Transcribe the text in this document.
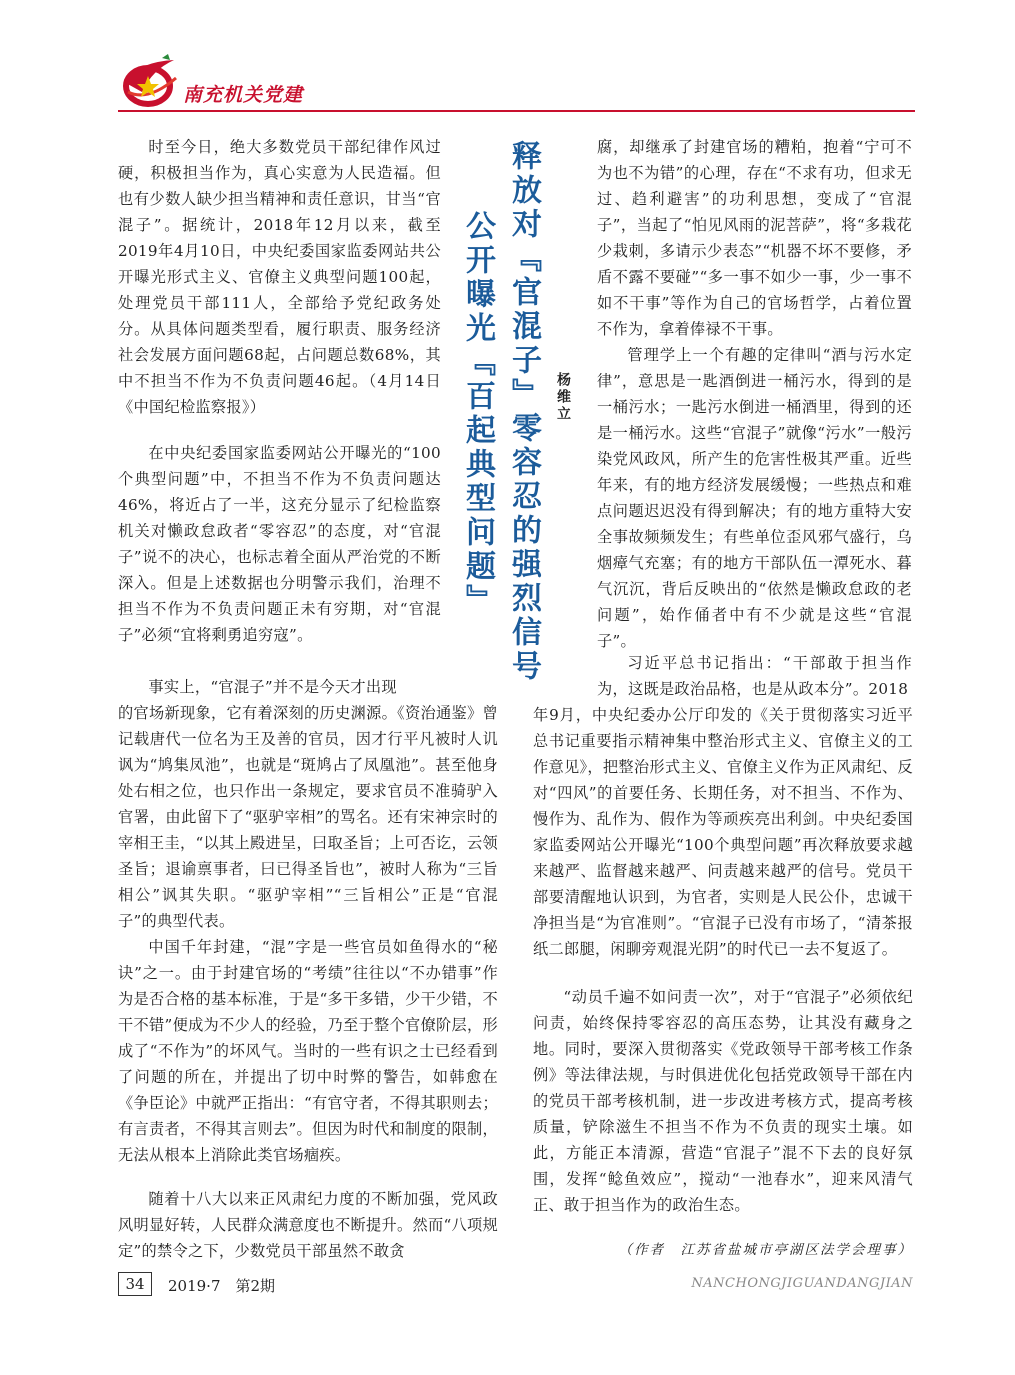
南充机关党建
释放对『官混子』零容忍的强烈信号
公开曝光『百起典型问题』	杨维立

时至今日，绝大多数党员干部纪律作风过硬，积极担当作为，真心实意为人民造福。但也有少数人缺少担当精神和责任意识，甘当“官混子”。据统计，2018年12月以来，截至2019年4月10日，中央纪委国家监委网站共公开曝光形式主义、官僚主义典型问题100起，处理党员干部111人，全部给予党纪政务处分。从具体问题类型看，履行职责、服务经济社会发展方面问题68起，占问题总数68%，其中不担当不作为不负责问题46起。（4月14日《中国纪检监察报》）

在中央纪委国家监委网站公开曝光的“100个典型问题”中，不担当不作为不负责问题达46%，将近占了一半，这充分显示了纪检监察机关对懒政怠政者“零容忍”的态度，对“官混子”说不的决心，也标志着全面从严治党的不断深入。但是上述数据也分明警示我们，治理不担当不作为不负责问题正未有穷期，对“官混子”必须“宜将剩勇追穷寇”。

事实上，“官混子”并不是今天才出现

的官场新现象，它有着深刻的历史渊源。《资治通鉴》曾记载唐代一位名为王及善的官员，因才行平凡被时人讥讽为“鸠集凤池”，也就是“斑鸠占了凤凰池”。甚至他身处右相之位，也只作出一条规定，要求官员不准骑驴入官署，由此留下了“驱驴宰相”的骂名。还有宋神宗时的宰相王圭，“以其上殿进呈，曰取圣旨；上可否讫，云领圣旨；退谕禀事者，曰已得圣旨也”，被时人称为“三旨相公”讽其失职。“驱驴宰相”“三旨相公”正是“官混子”的典型代表。

中国千年封建，“混”字是一些官员如鱼得水的“秘诀”之一。由于封建官场的“考绩”往往以“不办错事”作为是否合格的基本标准，于是“多干多错，少干少错，不干不错”便成为不少人的经验，乃至于整个官僚阶层，形成了“不作为”的坏风气。当时的一些有识之士已经看到了问题的所在，并提出了切中时弊的警告，如韩愈在《争臣论》中就严正指出：“有官守者，不得其职则去；有言责者，不得其言则去”。但因为时代和制度的限制，无法从根本上消除此类官场痼疾。

随着十八大以来正风肃纪力度的不断加强，党风政风明显好转，人民群众满意度也不断提升。然而“八项规定”的禁令之下，少数党员干部虽然不敢贪

腐，却继承了封建官场的糟粕，抱着“宁可不为也不为错”的心理，存在“不求有功，但求无过、趋利避害”的功利思想，变成了“官混子”，当起了“怕见风雨的泥菩萨”，将“多栽花少栽刺，多请示少表态”“机器不坏不要修，矛盾不露不要碰”“多一事不如少一事，少一事不如不干事”等作为自己的官场哲学，占着位置不作为，拿着俸禄不干事。

管理学上一个有趣的定律叫“酒与污水定律”，意思是一匙酒倒进一桶污水，得到的是一桶污水；一匙污水倒进一桶酒里，得到的还是一桶污水。这些“官混子”就像“污水”一般污染党风政风，所产生的危害性极其严重。近些年来，有的地方经济发展缓慢；一些热点和难点问题迟迟没有得到解决；有的地方重特大安全事故频频发生；有些单位歪风邪气盛行，乌烟瘴气充塞；有的地方干部队伍一潭死水、暮气沉沉，背后反映出的“依然是懒政怠政的老问题”，始作俑者中有不少就是这些“官混子”。

习近平总书记指出：“干部敢于担当作为，这既是政治品格，也是从政本分”。2018

年9月，中央纪委办公厅印发的《关于贯彻落实习近平总书记重要指示精神集中整治形式主义、官僚主义的工作意见》，把整治形式主义、官僚主义作为正风肃纪、反对“四风”的首要任务、长期任务，对不担当、不作为、慢作为、乱作为、假作为等顽疾亮出利剑。中央纪委国家监委网站公开曝光“100个典型问题”再次释放要求越来越严、监督越来越严、问责越来越严的信号。党员干部要清醒地认识到，为官者，实则是人民公仆，忠诚干净担当是“为官准则”。“官混子已没有市场了，“清茶报纸二郎腿，闲聊旁观混光阴”的时代已一去不复返了。

“动员千遍不如问责一次”，对于“官混子”必须依纪问责，始终保持零容忍的高压态势，让其没有藏身之地。同时，要深入贯彻落实《党政领导干部考核工作条例》等法律法规，与时俱进优化包括党政领导干部在内的党员干部考核机制，进一步改进考核方式，提高考核质量，铲除滋生不担当不作为不负责的现实土壤。如此，方能正本清源，营造“官混子”混不下去的良好氛围，发挥“鲶鱼效应”，搅动“一池春水”，迎来风清气正、敢于担当作为的政治生态。

（作者　江苏省盐城市亭湖区法学会理事）
34	2019·7　第2期	NANCHONGJIGUANDANGJIAN
